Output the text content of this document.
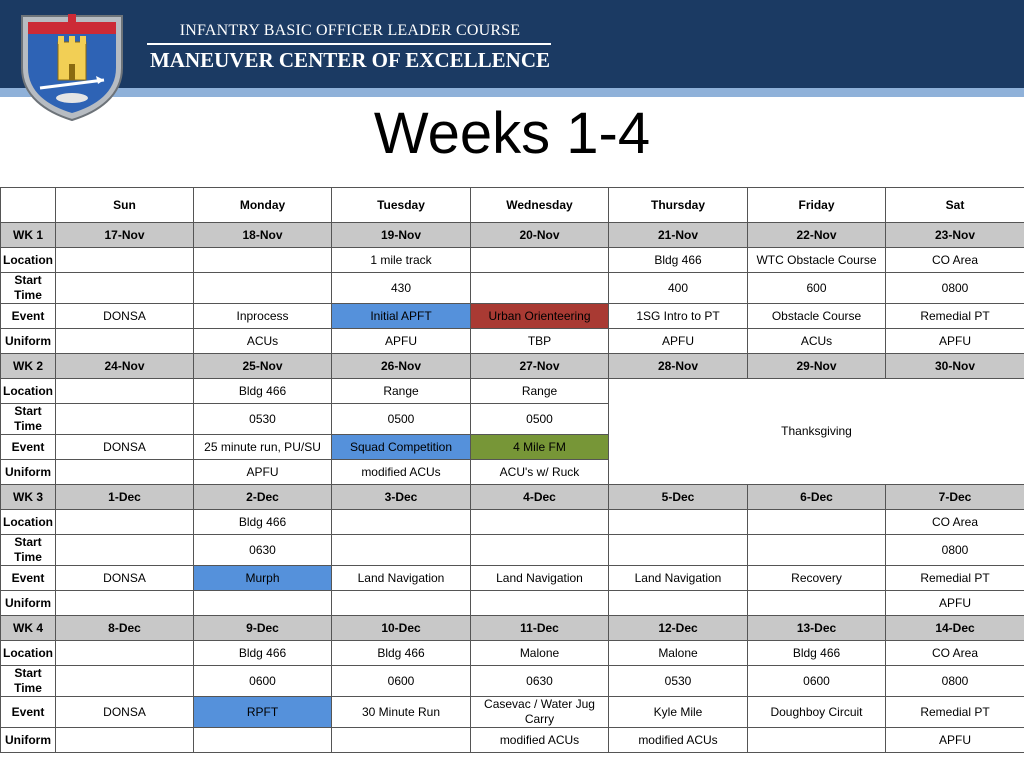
INFANTRY BASIC OFFICER LEADER COURSE
MANEUVER CENTER OF EXCELLENCE
Weeks 1-4
	Sun	Monday	Tuesday	Wednesday	Thursday	Friday	Sat
WK 1	17-Nov	18-Nov	19-Nov	20-Nov	21-Nov	22-Nov	23-Nov
Location			1 mile track		Bldg 466	WTC Obstacle Course	CO Area
Start Time			430		400	600	0800
Event	DONSA	Inprocess	Initial APFT	Urban Orienteering	1SG Intro to PT	Obstacle Course	Remedial PT
Uniform		ACUs	APFU	TBP	APFU	ACUs	APFU
WK 2	24-Nov	25-Nov	26-Nov	27-Nov	28-Nov	29-Nov	30-Nov
Location		Bldg 466	Range	Range	Thanksgiving		
Start Time		0530	0500	0500			
Event	DONSA	25 minute run, PU/SU	Squad Competition	4 Mile FM			
Uniform		APFU	modified ACUs	ACU's w/ Ruck			
WK 3	1-Dec	2-Dec	3-Dec	4-Dec	5-Dec	6-Dec	7-Dec
Location		Bldg 466					CO Area
Start Time		0630					0800
Event	DONSA	Murph	Land Navigation	Land Navigation	Land Navigation	Recovery	Remedial PT
Uniform							APFU
WK 4	8-Dec	9-Dec	10-Dec	11-Dec	12-Dec	13-Dec	14-Dec
Location		Bldg 466	Bldg 466	Malone	Malone	Bldg 466	CO Area
Start Time		0600	0600	0630	0530	0600	0800
Event	DONSA	RPFT	30 Minute Run	Casevac / Water Jug Carry	Kyle Mile	Doughboy Circuit	Remedial PT
Uniform				modified ACUs	modified ACUs		APFU
